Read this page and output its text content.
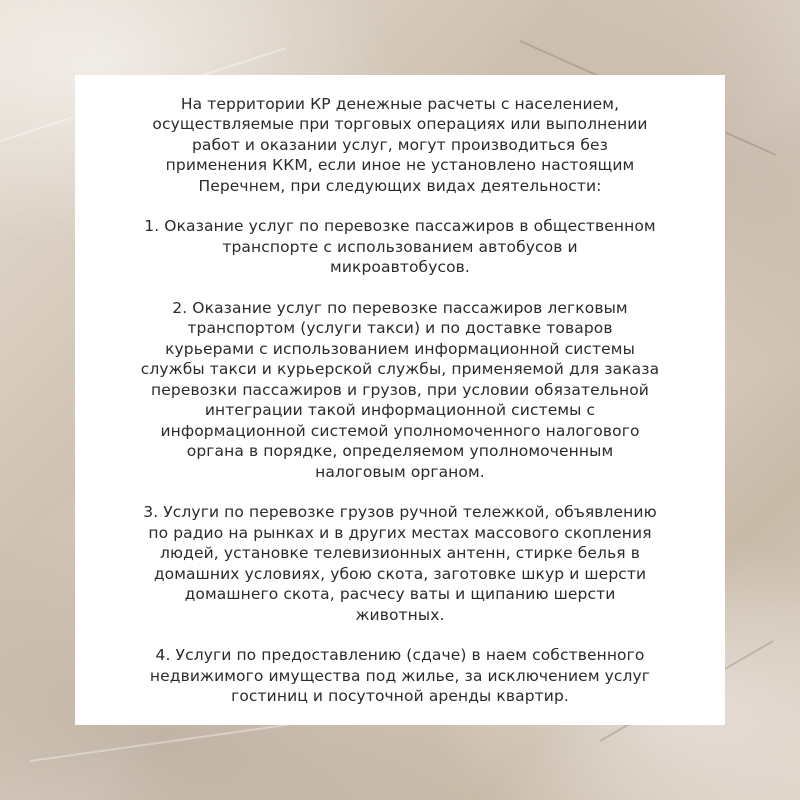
На территории КР денежные расчеты с населением,
осуществляемые при торговых операциях или выполнении
работ и оказании услуг, могут производиться без
применения ККМ, если иное не установлено настоящим
Перечнем, при следующих видах деятельности:

1. Оказание услуг по перевозке пассажиров в общественном
транспорте с использованием автобусов и
микроавтобусов.

2. Оказание услуг по перевозке пассажиров легковым
транспортом (услуги такси) и по доставке товаров
курьерами с использованием информационной системы
службы такси и курьерской службы, применяемой для заказа
перевозки пассажиров и грузов, при условии обязательной
интеграции такой информационной системы с
информационной системой уполномоченного налогового
органа в порядке, определяемом уполномоченным
налоговым органом.

3. Услуги по перевозке грузов ручной тележкой, объявлению
по радио на рынках и в других местах массового скопления
людей, установке телевизионных антенн, стирке белья в
домашних условиях, убою скота, заготовке шкур и шерсти
домашнего скота, расчесу ваты и щипанию шерсти
животных.

4. Услуги по предоставлению (сдаче) в наем собственного
недвижимого имущества под жилье, за исключением услуг
гостиниц и посуточной аренды квартир.
